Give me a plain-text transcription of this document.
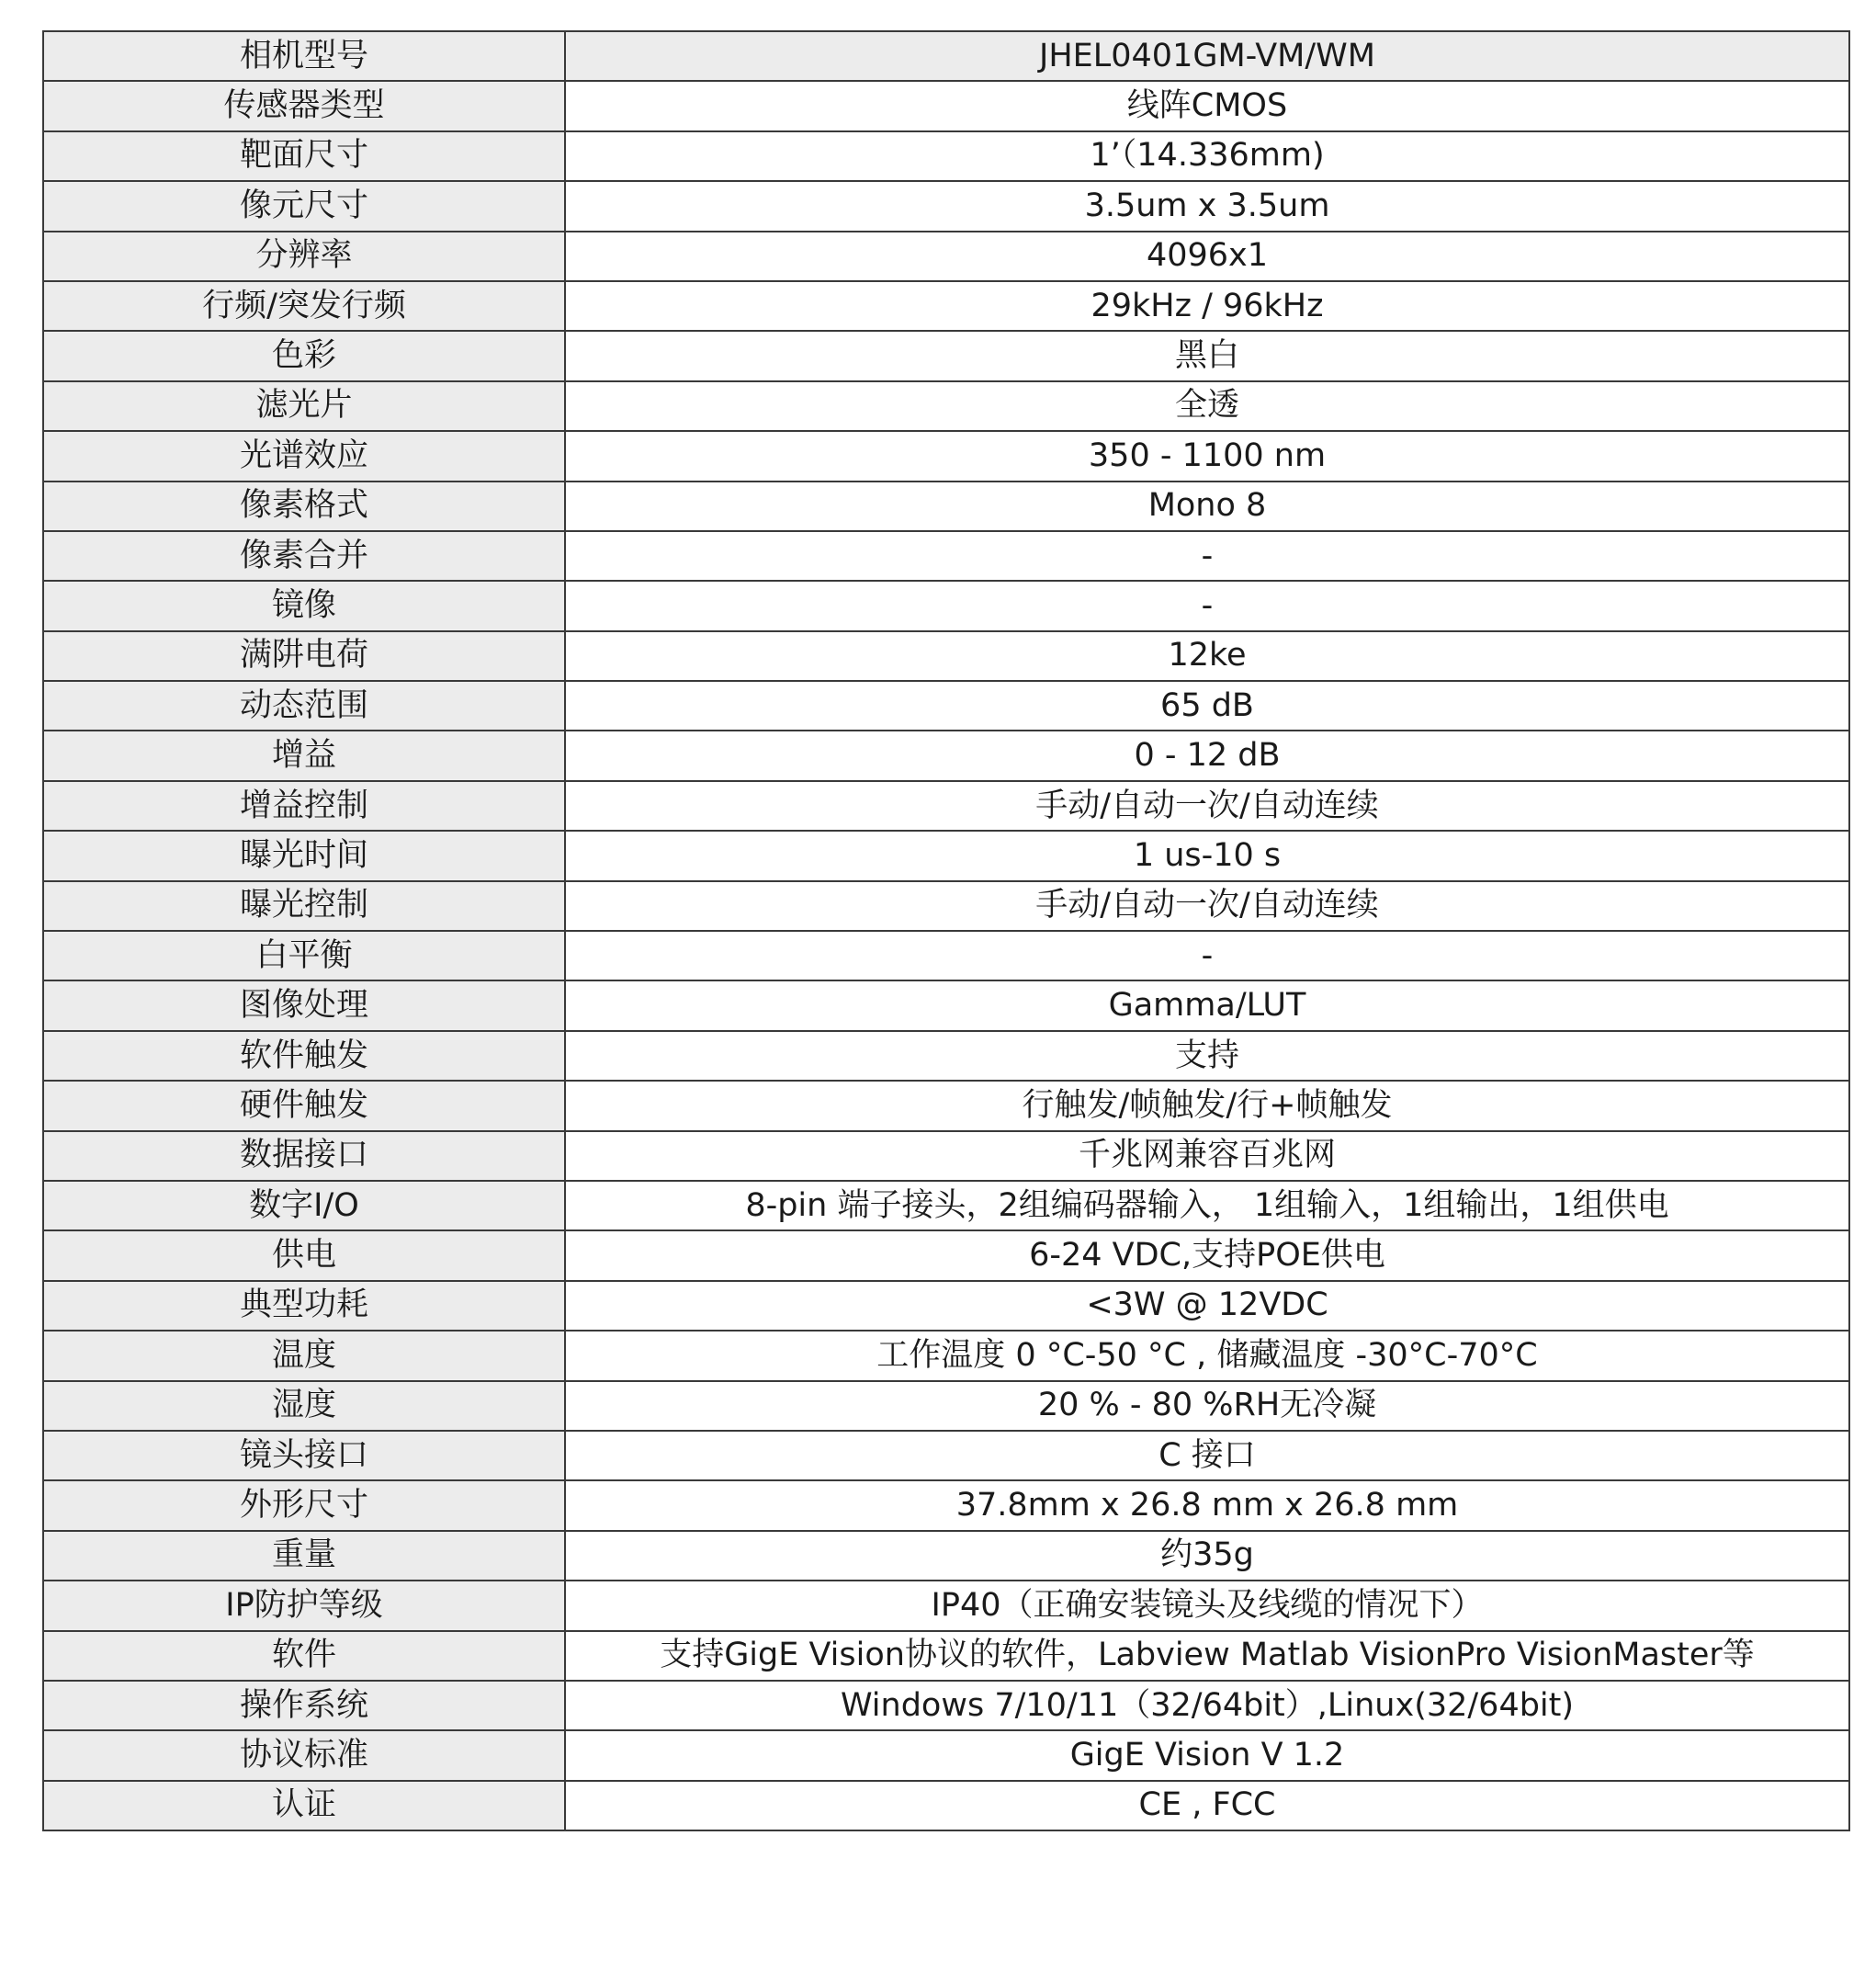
相机型号	JHEL0401GM-VM/WM
传感器类型	线阵CMOS
靶面尺寸	1’（14.336mm)
像元尺寸	3.5um x 3.5um
分辨率	4096x1
行频/突发行频	29kHz / 96kHz
色彩	黑白
滤光片	全透
光谱效应	350 - 1100 nm
像素格式	Mono 8
像素合并	-
镜像	-
满阱电荷	12ke
动态范围	65 dB
增益	0 - 12 dB
增益控制	手动/自动一次/自动连续
曝光时间	1 us-10 s
曝光控制	手动/自动一次/自动连续
白平衡	-
图像处理	Gamma/LUT
软件触发	支持
硬件触发	行触发/帧触发/行+帧触发
数据接口	千兆网兼容百兆网
数字I/O	8-pin 端子接头，2组编码器输入， 1组输入，1组输出，1组供电
供电	6-24 VDC,支持POE供电
典型功耗	<3W @ 12VDC
温度	工作温度 0 °C-50 °C , 储藏温度 -30°C-70°C
湿度	20 % - 80 %RH无冷凝
镜头接口	C 接口
外形尺寸	37.8mm x 26.8 mm x 26.8 mm
重量	约35g
IP防护等级	IP40（正确安装镜头及线缆的情况下）
软件	支持GigE Vision协议的软件，Labview Matlab VisionPro VisionMaster等
操作系统	Windows 7/10/11（32/64bit）,Linux(32/64bit)
协议标准	GigE Vision V 1.2
认证	CE , FCC
